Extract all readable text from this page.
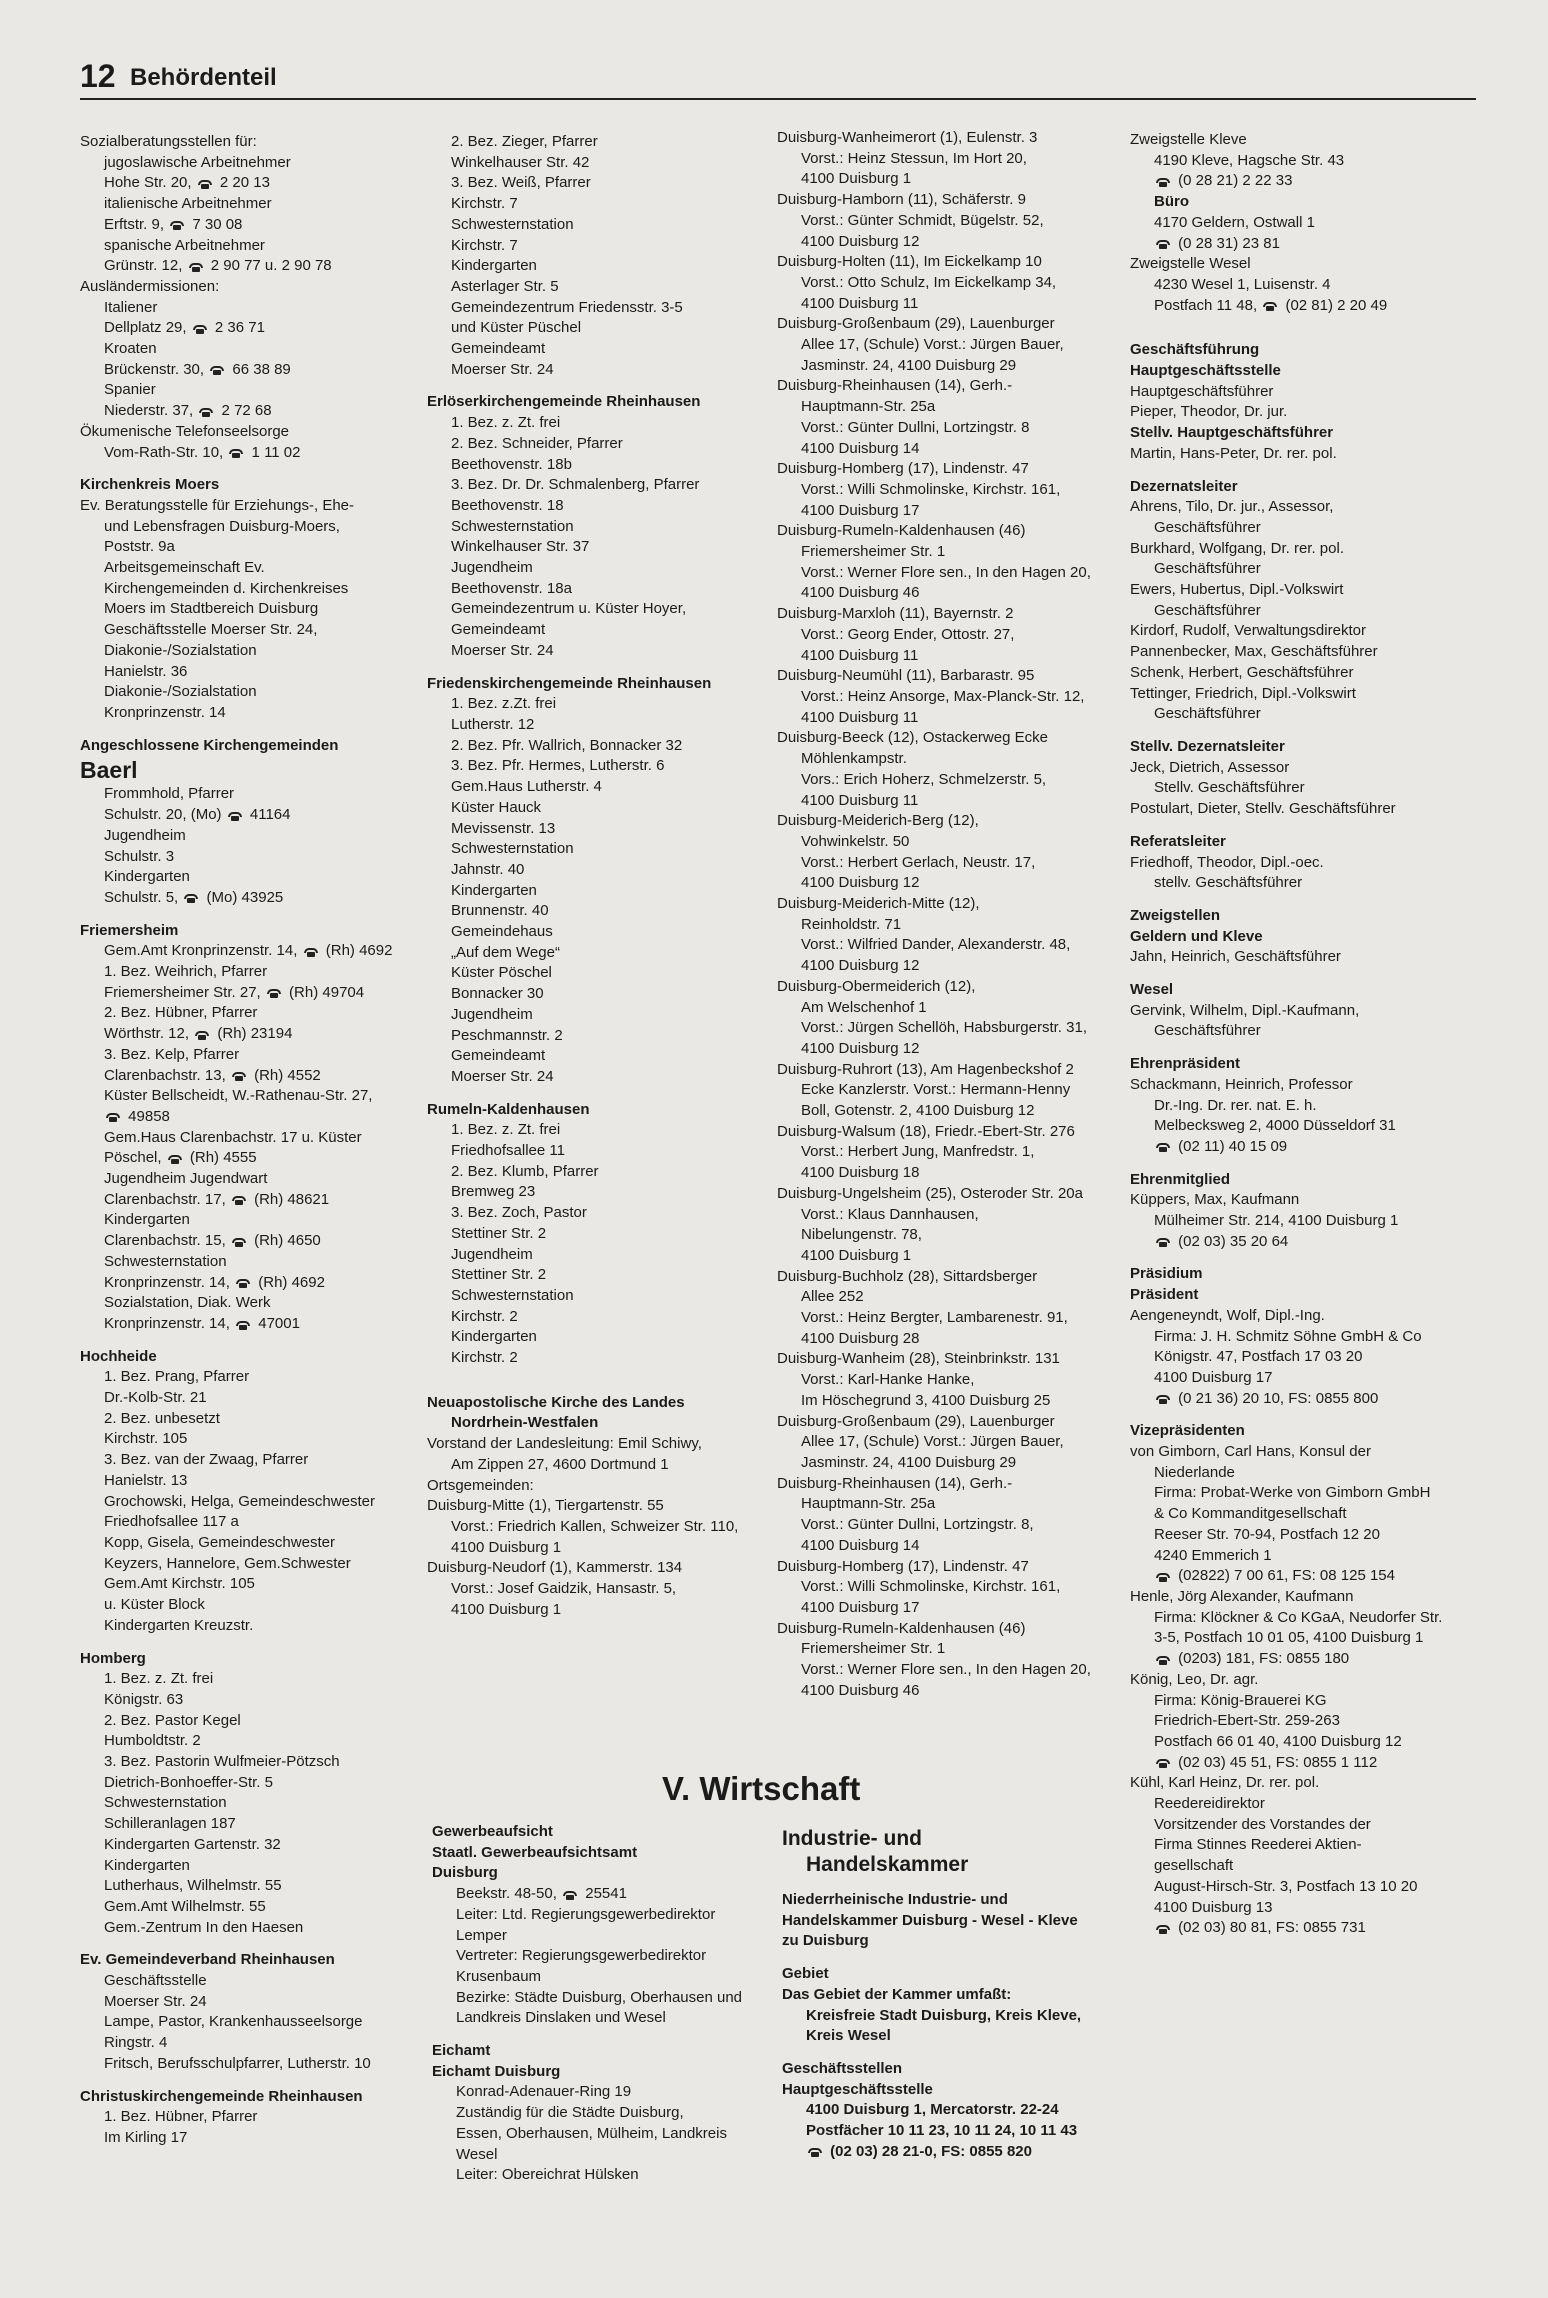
12 Behördenteil
Sozialberatungsstellen für:
jugoslawische Arbeitnehmer
Hohe Str. 20,  2 20 13
italienische Arbeitnehmer
Erftstr. 9,  7 30 08
spanische Arbeitnehmer
Grünstr. 12,  2 90 77 u. 2 90 78
Ausländermissionen:
Italiener
Dellplatz 29,  2 36 71
Kroaten
Brückenstr. 30,  66 38 89
Spanier
Niederstr. 37,  2 72 68
Ökumenische Telefonseelsorge
Vom-Rath-Str. 10,  1 11 02
Kirchenkreis Moers
Ev. Beratungsstelle für Erziehungs-, Ehe-
und Lebensfragen Duisburg-Moers,
Poststr. 9a
Arbeitsgemeinschaft Ev.
Kirchengemeinden d. Kirchenkreises
Moers im Stadtbereich Duisburg
Geschäftsstelle Moerser Str. 24,
Diakonie-/Sozialstation
Hanielstr. 36
Diakonie-/Sozialstation
Kronprinzenstr. 14
Angeschlossene Kirchengemeinden
Baerl
Frommhold, Pfarrer
Schulstr. 20, (Mo)  41164
Jugendheim
Schulstr. 3
Kindergarten
Schulstr. 5,  (Mo) 43925
Friemersheim
Gem.Amt Kronprinzenstr. 14,  (Rh) 4692
1. Bez. Weihrich, Pfarrer
Friemersheimer Str. 27,  (Rh) 49704
2. Bez. Hübner, Pfarrer
Wörthstr. 12,  (Rh) 23194
3. Bez. Kelp, Pfarrer
Clarenbachstr. 13,  (Rh) 4552
Küster Bellscheidt, W.-Rathenau-Str. 27,
49858
Gem.Haus Clarenbachstr. 17 u. Küster
Pöschel,  (Rh) 4555
Jugendheim Jugendwart
Clarenbachstr. 17,  (Rh) 48621
Kindergarten
Clarenbachstr. 15,  (Rh) 4650
Schwesternstation
Kronprinzenstr. 14,  (Rh) 4692
Sozialstation, Diak. Werk
Kronprinzenstr. 14,  47001
Hochheide
1. Bez. Prang, Pfarrer
Dr.-Kolb-Str. 21
2. Bez. unbesetzt
Kirchstr. 105
3. Bez. van der Zwaag, Pfarrer
Hanielstr. 13
Grochowski, Helga, Gemeindeschwester
Friedhofsallee 117 a
Kopp, Gisela, Gemeindeschwester
Keyzers, Hannelore, Gem.Schwester
Gem.Amt Kirchstr. 105
u. Küster Block
Kindergarten Kreuzstr.
Homberg
1. Bez. z. Zt. frei
Königstr. 63
2. Bez. Pastor Kegel
Humboldtstr. 2
3. Bez. Pastorin Wulfmeier-Pötzsch
Dietrich-Bonhoeffer-Str. 5
Schwesternstation
Schilleranlagen 187
Kindergarten Gartenstr. 32
Kindergarten
Lutherhaus, Wilhelmstr. 55
Gem.Amt Wilhelmstr. 55
Gem.-Zentrum In den Haesen
Ev. Gemeindeverband Rheinhausen
Geschäftsstelle
Moerser Str. 24
Lampe, Pastor, Krankenhausseelsorge
Ringstr. 4
Fritsch, Berufsschulpfarrer, Lutherstr. 10
Christuskirchengemeinde Rheinhausen
1. Bez. Hübner, Pfarrer
Im Kirling 17
2. Bez. Zieger, Pfarrer
Winkelhauser Str. 42
3. Bez. Weiß, Pfarrer
Kirchstr. 7
Schwesternstation
Kirchstr. 7
Kindergarten
Asterlager Str. 5
Gemeindezentrum Friedensstr. 3-5
und Küster Püschel
Gemeindeamt
Moerser Str. 24
Erlöserkirchengemeinde Rheinhausen
1. Bez. z. Zt. frei
2. Bez. Schneider, Pfarrer
Beethovenstr. 18b
3. Bez. Dr. Dr. Schmalenberg, Pfarrer
Beethovenstr. 18
Schwesternstation
Winkelhauser Str. 37
Jugendheim
Beethovenstr. 18a
Gemeindezentrum u. Küster Hoyer,
Gemeindeamt
Moerser Str. 24
Friedenskirchengemeinde Rheinhausen
1. Bez. z.Zt. frei
Lutherstr. 12
2. Bez. Pfr. Wallrich, Bonnacker 32
3. Bez. Pfr. Hermes, Lutherstr. 6
Gem.Haus Lutherstr. 4
Küster Hauck
Mevissenstr. 13
Schwesternstation
Jahnstr. 40
Kindergarten
Brunnenstr. 40
Gemeindehaus
„Auf dem Wege“
Küster Pöschel
Bonnacker 30
Jugendheim
Peschmannstr. 2
Gemeindeamt
Moerser Str. 24
Rumeln-Kaldenhausen
1. Bez. z. Zt. frei
Friedhofsallee 11
2. Bez. Klumb, Pfarrer
Bremweg 23
3. Bez. Zoch, Pastor
Stettiner Str. 2
Jugendheim
Stettiner Str. 2
Schwesternstation
Kirchstr. 2
Kindergarten
Kirchstr. 2
Neuapostolische Kirche des Landes
Nordrhein-Westfalen
Vorstand der Landesleitung: Emil Schiwy,
Am Zippen 27, 4600 Dortmund 1
Ortsgemeinden:
Duisburg-Mitte (1), Tiergartenstr. 55
Vorst.: Friedrich Kallen, Schweizer Str. 110,
4100 Duisburg 1
Duisburg-Neudorf (1), Kammerstr. 134
Vorst.: Josef Gaidzik, Hansastr. 5,
4100 Duisburg 1
Gewerbeaufsicht
Staatl. Gewerbeaufsichtsamt
Duisburg
Beekstr. 48-50,  25541
Leiter: Ltd. Regierungsgewerbedirektor
Lemper
Vertreter: Regierungsgewerbedirektor
Krusenbaum
Bezirke: Städte Duisburg, Oberhausen und
Landkreis Dinslaken und Wesel
Eichamt
Eichamt Duisburg
Konrad-Adenauer-Ring 19
Zuständig für die Städte Duisburg,
Essen, Oberhausen, Mülheim, Landkreis
Wesel
Leiter: Obereichrat Hülsken
Duisburg-Wanheimerort (1), Eulenstr. 3
Vorst.: Heinz Stessun, Im Hort 20,
4100 Duisburg 1
Duisburg-Hamborn (11), Schäferstr. 9
Vorst.: Günter Schmidt, Bügelstr. 52,
4100 Duisburg 12
Duisburg-Holten (11), Im Eickelkamp 10
Vorst.: Otto Schulz, Im Eickelkamp 34,
4100 Duisburg 11
Duisburg-Großenbaum (29), Lauenburger
Allee 17, (Schule) Vorst.: Jürgen Bauer,
Jasminstr. 24, 4100 Duisburg 29
Duisburg-Rheinhausen (14), Gerh.-
Hauptmann-Str. 25a
Vorst.: Günter Dullni, Lortzingstr. 8
4100 Duisburg 14
Duisburg-Homberg (17), Lindenstr. 47
Vorst.: Willi Schmolinske, Kirchstr. 161,
4100 Duisburg 17
Duisburg-Rumeln-Kaldenhausen (46)
Friemersheimer Str. 1
Vorst.: Werner Flore sen., In den Hagen 20,
4100 Duisburg 46
Duisburg-Marxloh (11), Bayernstr. 2
Vorst.: Georg Ender, Ottostr. 27,
4100 Duisburg 11
Duisburg-Neumühl (11), Barbarastr. 95
Vorst.: Heinz Ansorge, Max-Planck-Str. 12,
4100 Duisburg 11
Duisburg-Beeck (12), Ostackerweg Ecke
Möhlenkampstr.
Vors.: Erich Hoherz, Schmelzerstr. 5,
4100 Duisburg 11
Duisburg-Meiderich-Berg (12),
Vohwinkelstr. 50
Vorst.: Herbert Gerlach, Neustr. 17,
4100 Duisburg 12
Duisburg-Meiderich-Mitte (12),
Reinholdstr. 71
Vorst.: Wilfried Dander, Alexanderstr. 48,
4100 Duisburg 12
Duisburg-Obermeiderich (12),
Am Welschenhof 1
Vorst.: Jürgen Schellöh, Habsburgerstr. 31,
4100 Duisburg 12
Duisburg-Ruhrort (13), Am Hagenbeckshof 2
Ecke Kanzlerstr. Vorst.: Hermann-Henny
Boll, Gotenstr. 2, 4100 Duisburg 12
Duisburg-Walsum (18), Friedr.-Ebert-Str. 276
Vorst.: Herbert Jung, Manfredstr. 1,
4100 Duisburg 18
Duisburg-Ungelsheim (25), Osteroder Str. 20a
Vorst.: Klaus Dannhausen,
Nibelungenstr. 78,
4100 Duisburg 1
Duisburg-Buchholz (28), Sittardsberger
Allee 252
Vorst.: Heinz Bergter, Lambarenestr. 91,
4100 Duisburg 28
Duisburg-Wanheim (28), Steinbrinkstr. 131
Vorst.: Karl-Hanke Hanke,
Im Höschegrund 3, 4100 Duisburg 25
Duisburg-Großenbaum (29), Lauenburger
Allee 17, (Schule) Vorst.: Jürgen Bauer,
Jasminstr. 24, 4100 Duisburg 29
Duisburg-Rheinhausen (14), Gerh.-
Hauptmann-Str. 25a
Vorst.: Günter Dullni, Lortzingstr. 8,
4100 Duisburg 14
Duisburg-Homberg (17), Lindenstr. 47
Vorst.: Willi Schmolinske, Kirchstr. 161,
4100 Duisburg 17
Duisburg-Rumeln-Kaldenhausen (46)
Friemersheimer Str. 1
Vorst.: Werner Flore sen., In den Hagen 20,
4100 Duisburg 46
Industrie- und
Handelskammer
Niederrheinische Industrie- und
Handelskammer Duisburg - Wesel - Kleve
zu Duisburg
Gebiet
Das Gebiet der Kammer umfaßt:
Kreisfreie Stadt Duisburg, Kreis Kleve,
Kreis Wesel
Geschäftsstellen
Hauptgeschäftsstelle
4100 Duisburg 1, Mercatorstr. 22-24
Postfächer 10 11 23, 10 11 24, 10 11 43
(02 03) 28 21-0, FS: 0855 820
Zweigstelle Kleve
4190 Kleve, Hagsche Str. 43
(0 28 21) 2 22 33
Büro
4170 Geldern, Ostwall 1
(0 28 31) 23 81
Zweigstelle Wesel
4230 Wesel 1, Luisenstr. 4
Postfach 11 48,  (02 81) 2 20 49
Geschäftsführung
Hauptgeschäftsstelle
Hauptgeschäftsführer
Pieper, Theodor, Dr. jur.
Stellv. Hauptgeschäftsführer
Martin, Hans-Peter, Dr. rer. pol.
Dezernatsleiter
Ahrens, Tilo, Dr. jur., Assessor,
Geschäftsführer
Burkhard, Wolfgang, Dr. rer. pol.
Geschäftsführer
Ewers, Hubertus, Dipl.-Volkswirt
Geschäftsführer
Kirdorf, Rudolf, Verwaltungsdirektor
Pannenbecker, Max, Geschäftsführer
Schenk, Herbert, Geschäftsführer
Tettinger, Friedrich, Dipl.-Volkswirt
Geschäftsführer
Stellv. Dezernatsleiter
Jeck, Dietrich, Assessor
Stellv. Geschäftsführer
Postulart, Dieter, Stellv. Geschäftsführer
Referatsleiter
Friedhoff, Theodor, Dipl.-oec.
stellv. Geschäftsführer
Zweigstellen
Geldern und Kleve
Jahn, Heinrich, Geschäftsführer
Wesel
Gervink, Wilhelm, Dipl.-Kaufmann,
Geschäftsführer
Ehrenpräsident
Schackmann, Heinrich, Professor
Dr.-Ing. Dr. rer. nat. E. h.
Melbecksweg 2, 4000 Düsseldorf 31
(02 11) 40 15 09
Ehrenmitglied
Küppers, Max, Kaufmann
Mülheimer Str. 214, 4100 Duisburg 1
(02 03) 35 20 64
Präsidium
Präsident
Aengeneyndt, Wolf, Dipl.-Ing.
Firma: J. H. Schmitz Söhne GmbH & Co
Königstr. 47, Postfach 17 03 20
4100 Duisburg 17
(0 21 36) 20 10, FS: 0855 800
Vizepräsidenten
von Gimborn, Carl Hans, Konsul der
Niederlande
Firma: Probat-Werke von Gimborn GmbH
& Co Kommanditgesellschaft
Reeser Str. 70-94, Postfach 12 20
4240 Emmerich 1
(02822) 7 00 61, FS: 08 125 154
Henle, Jörg Alexander, Kaufmann
Firma: Klöckner & Co KGaA, Neudorfer Str.
3-5, Postfach 10 01 05, 4100 Duisburg 1
(0203) 181, FS: 0855 180
König, Leo, Dr. agr.
Firma: König-Brauerei KG
Friedrich-Ebert-Str. 259-263
Postfach 66 01 40, 4100 Duisburg 12
(02 03) 45 51, FS: 0855 1 112
Kühl, Karl Heinz, Dr. rer. pol.
Reedereidirektor
Vorsitzender des Vorstandes der
Firma Stinnes Reederei Aktien-
gesellschaft
August-Hirsch-Str. 3, Postfach 13 10 20
4100 Duisburg 13
(02 03) 80 81, FS: 0855 731
V. Wirtschaft
